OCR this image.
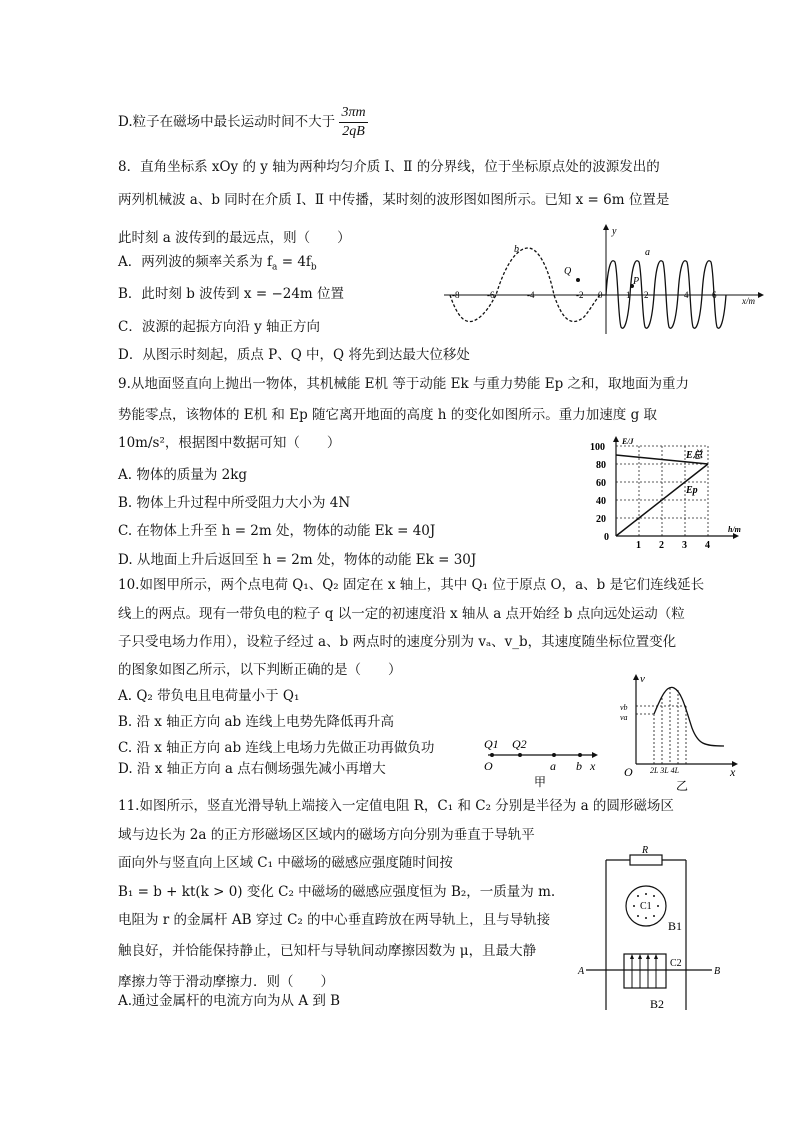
D.粒子在磁场中最长运动时间不大于 $\frac{3\pi m}{2qB}$
8．直角坐标系 xOy 的 y 轴为两种均匀介质 Ⅰ、Ⅱ 的分界线，位于坐标原点处的波源发出的
两列机械波 a、b 同时在介质 Ⅰ、Ⅱ 中传播，某时刻的波形图如图所示。已知 x = 6m 位置是
此时刻 a 波传到的最远点，则（　　）
A．两列波的频率关系为 $f_a = 4f_b$
B．此时刻 b 波传到 x = −24m 位置
C．波源的起振方向沿 y 轴正方向
D．从图示时刻起，质点 P、Q 中，Q 将先到达最大位移处
y
x/m
-8	-6	-4	-2 0	1 2	4	6
b	a
Q
P
9.从地面竖直向上抛出一物体，其机械能 E机 等于动能 Ek 与重力势能 Ep 之和，取地面为重力
势能零点，该物体的 E机 和 Ep 随它离开地面的高度 h 的变化如图所示。重力加速度 g 取
10m/s²，根据图中数据可知（　　）
A. 物体的质量为 2kg
B. 物体上升过程中所受阻力大小为 4N
C. 在物体上升至 h = 2m 处，物体的动能 Ek = 40J
D. 从地面上升后返回至 h = 2m 处，物体的动能 Ek = 30J
0
20
40
60
80
100
1 2 3 4
E/J
h/m
E总
Ep
10.如图甲所示，两个点电荷 Q₁、Q₂ 固定在 x 轴上，其中 Q₁ 位于原点 O，a、b 是它们连线延长
线上的两点。现有一带负电的粒子 q 以一定的初速度沿 x 轴从 a 点开始经 b 点向远处运动（粒
子只受电场力作用），设粒子经过 a、b 两点时的速度分别为 vₐ、v_b，其速度随坐标位置变化
的图象如图乙所示，以下判断正确的是（　　）
A. Q₂ 带负电且电荷量小于 Q₁
B. 沿 x 轴正方向 ab 连线上电势先降低再升高
C. 沿 x 轴正方向 ab 连线上电场力先做正功再做负功
D. 沿 x 轴正方向 a 点右侧场强先减小再增大
Q1 Q2
O	a b x
甲
v
vb
va
O 2L 3L 4L	x
乙
11.如图所示，竖直光滑导轨上端接入一定值电阻 R，C₁ 和 C₂ 分别是半径为 a 的圆形磁场区
域与边长为 2a 的正方形磁场区区域内的磁场方向分别为垂直于导轨平
面向外与竖直向上区域 C₁ 中磁场的磁感应强度随时间按
B₁ = b + kt(k > 0) 变化 C₂ 中磁场的磁感应强度恒为 B₂，一质量为 m.
电阻为 r 的金属杆 AB 穿过 C₂ 的中心垂直跨放在两导轨上，且与导轨接
触良好，并恰能保持静止，已知杆与导轨间动摩擦因数为 μ，且最大静
摩擦力等于滑动摩擦力．则（　　）
A.通过金属杆的电流方向为从 A 到 B
R
C1
B1
A	B
C2
B2
